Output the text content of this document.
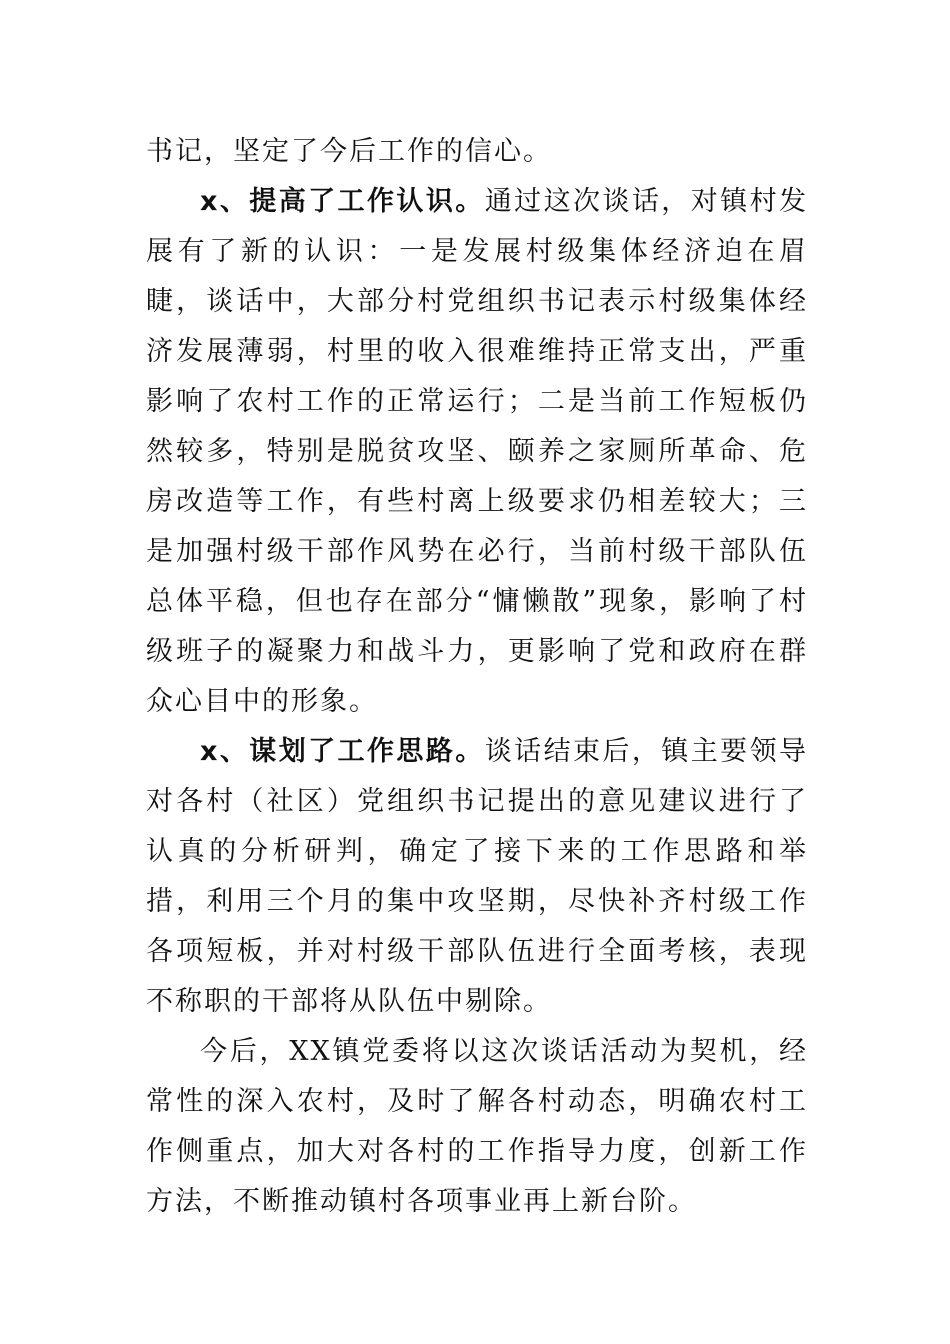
书记，坚定了今后工作的信心。

x、提高了工作认识。通过这次谈话，对镇村发展有了新的认识：一是发展村级集体经济迫在眉睫，谈话中，大部分村党组织书记表示村级集体经济发展薄弱，村里的收入很难维持正常支出，严重影响了农村工作的正常运行；二是当前工作短板仍然较多，特别是脱贫攻坚、颐养之家厕所革命、危房改造等工作，有些村离上级要求仍相差较大；三是加强村级干部作风势在必行，当前村级干部队伍总体平稳，但也存在部分“慵懒散”现象，影响了村级班子的凝聚力和战斗力，更影响了党和政府在群众心目中的形象。

x、谋划了工作思路。谈话结束后，镇主要领导对各村（社区）党组织书记提出的意见建议进行了认真的分析研判，确定了接下来的工作思路和举措，利用三个月的集中攻坚期，尽快补齐村级工作各项短板，并对村级干部队伍进行全面考核，表现不称职的干部将从队伍中剔除。

今后，XX镇党委将以这次谈话活动为契机，经常性的深入农村，及时了解各村动态，明确农村工作侧重点，加大对各村的工作指导力度，创新工作方法，不断推动镇村各项事业再上新台阶。
